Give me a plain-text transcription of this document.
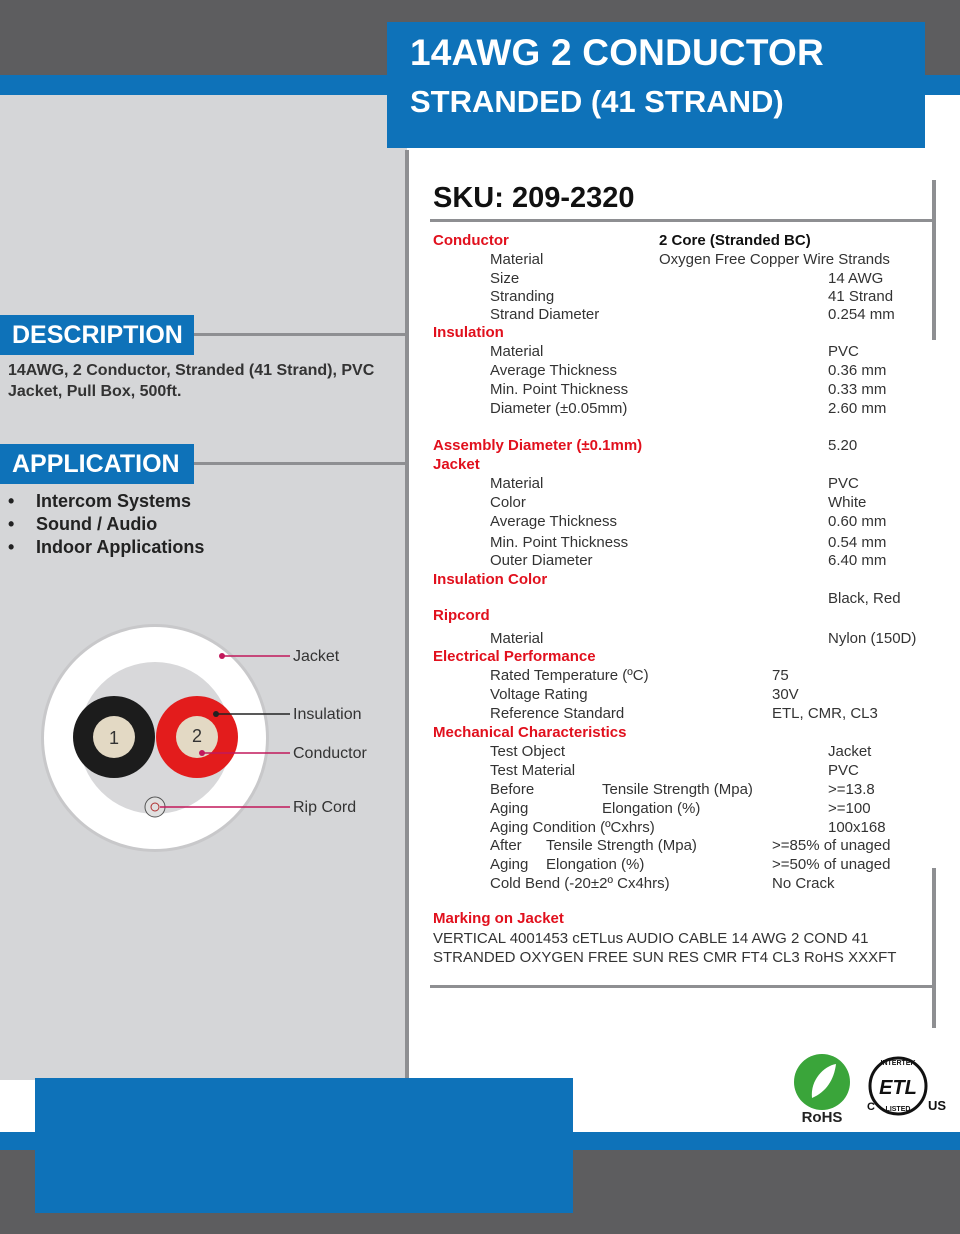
14AWG 2 CONDUCTOR
STRANDED (41 STRAND)
SKU: 209-2320
DESCRIPTION
14AWG, 2 Conductor, Stranded (41 Strand), PVC Jacket, Pull Box, 500ft.
APPLICATION
• Intercom Systems
• Sound / Audio
• Indoor Applications
1	2
Jacket
Insulation
Conductor
Rip Cord
Conductor	2 Core (Stranded BC)
Material	Oxygen Free Copper Wire Strands
Size	14 AWG
Stranding	41 Strand
Strand Diameter	0.254 mm
Insulation
Material	PVC
Average Thickness	0.36 mm
Min. Point Thickness	0.33 mm
Diameter (±0.05mm)	2.60 mm
Assembly Diameter (±0.1mm)	5.20
Jacket
Material	PVC
Color	White
Average Thickness	0.60 mm
Min. Point Thickness	0.54 mm
Outer Diameter	6.40 mm
Insulation Color
Black, Red
Ripcord
Material	Nylon (150D)
Electrical Performance
Rated Temperature (ºC)	75
Voltage Rating	30V
Reference Standard	ETL, CMR, CL3
Mechanical Characteristics
Test Object	Jacket
Test Material	PVC
Before	Tensile Strength (Mpa)	>=13.8
Aging	Elongation (%)	>=100
Aging Condition (ºCxhrs)	100x168
After Tensile Strength (Mpa)	>=85% of unaged
Aging Elongation (%)	>=50% of unaged
Cold Bend (-20±2º Cx4hrs)	No Crack
Marking on Jacket
VERTICAL 4001453 cETLus AUDIO CABLE 14 AWG 2 COND 41 STRANDED OXYGEN FREE SUN RES CMR FT4 CL3 RoHS XXXFT
RoHS
ETL
INTERTEK
LISTED
C	US
